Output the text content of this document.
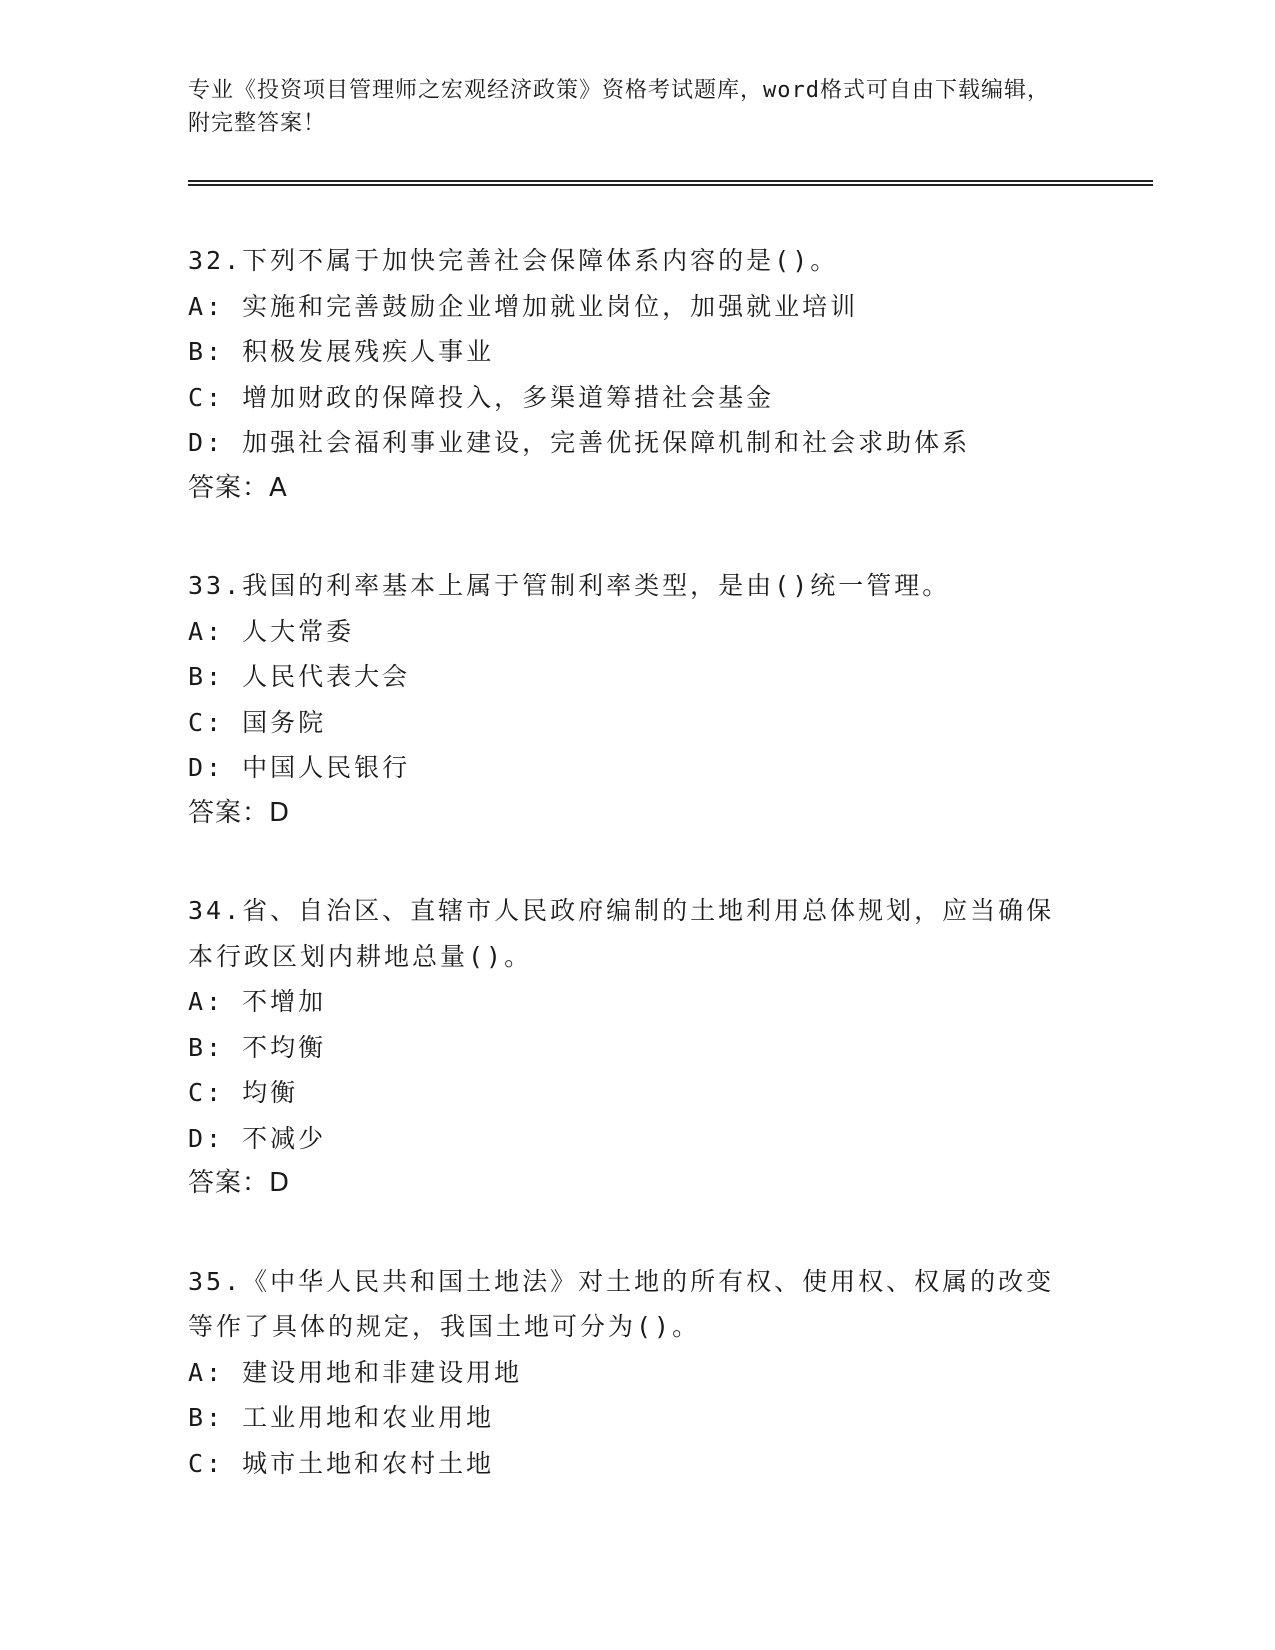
专业《投资项目管理师之宏观经济政策》资格考试题库，word格式可自由下载编辑，附完整答案！

32.下列不属于加快完善社会保障体系内容的是()。

A: 实施和完善鼓励企业增加就业岗位，加强就业培训

B: 积极发展残疾人事业

C: 增加财政的保障投入，多渠道筹措社会基金

D: 加强社会福利事业建设，完善优抚保障机制和社会求助体系

答案：A

33.我国的利率基本上属于管制利率类型，是由()统一管理。

A: 人大常委

B: 人民代表大会

C: 国务院

D: 中国人民银行

答案：D

34.省、自治区、直辖市人民政府编制的土地利用总体规划，应当确保本行政区划内耕地总量()。

A: 不增加

B: 不均衡

C: 均衡

D: 不减少

答案：D

35.《中华人民共和国土地法》对土地的所有权、使用权、权属的改变等作了具体的规定，我国土地可分为()。

A: 建设用地和非建设用地

B: 工业用地和农业用地

C: 城市土地和农村土地
